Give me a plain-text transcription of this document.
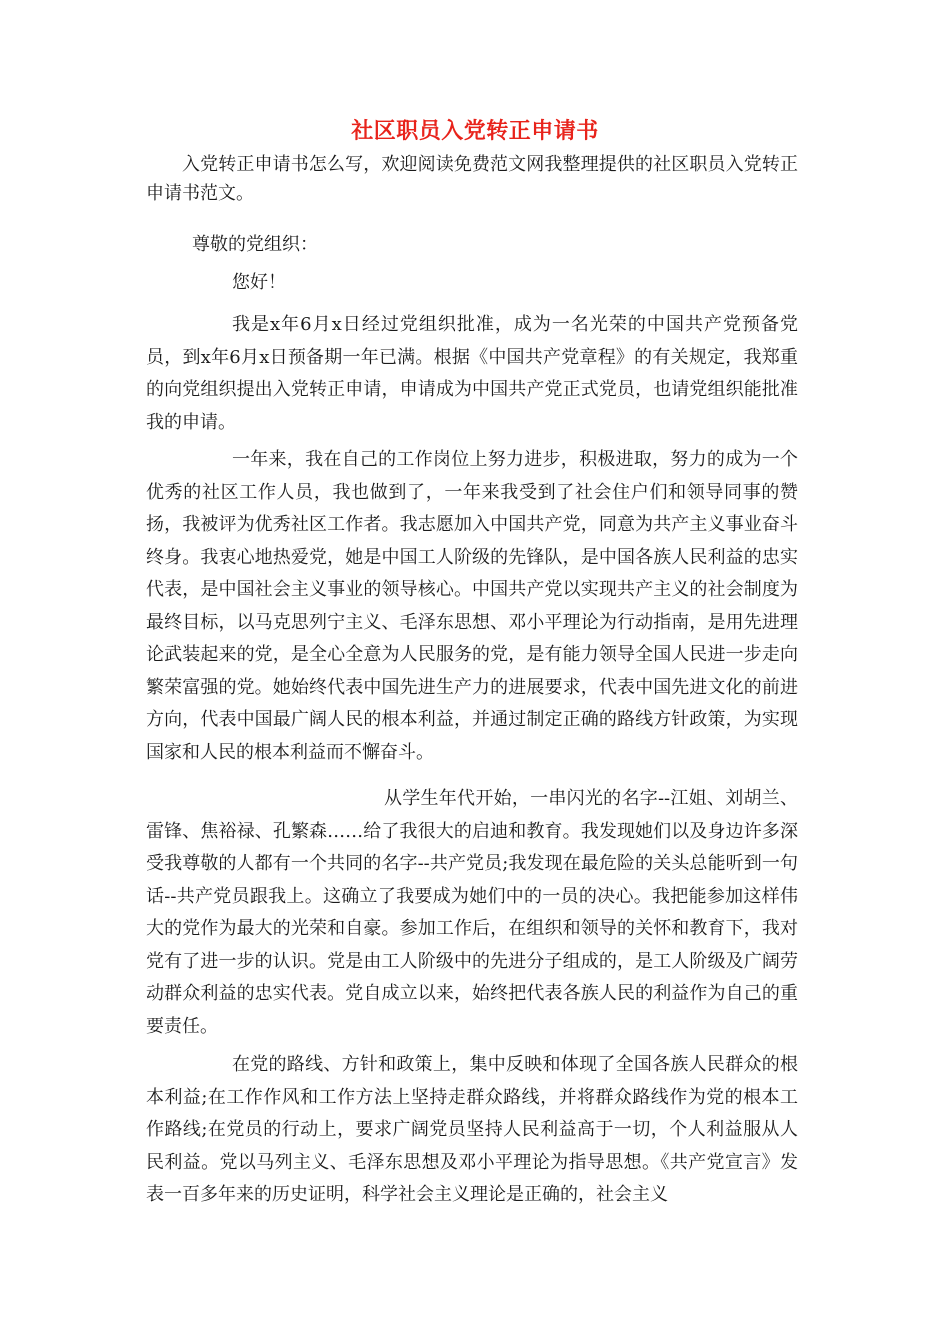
社区职员入党转正申请书
入党转正申请书怎么写，欢迎阅读免费范文网我整理提供的社区职员入党转正申请书范文。
尊敬的党组织：
您好！
我是x年6月x日经过党组织批准，成为一名光荣的中国共产党预备党员，到x年6月x日预备期一年已满。根据《中国共产党章程》的有关规定，我郑重的向党组织提出入党转正申请，申请成为中国共产党正式党员，也请党组织能批准我的申请。
一年来，我在自己的工作岗位上努力进步，积极进取，努力的成为一个优秀的社区工作人员，我也做到了，一年来我受到了社会住户们和领导同事的赞扬，我被评为优秀社区工作者。我志愿加入中国共产党，同意为共产主义事业奋斗终身。我衷心地热爱党，她是中国工人阶级的先锋队，是中国各族人民利益的忠实代表，是中国社会主义事业的领导核心。中国共产党以实现共产主义的社会制度为最终目标，以马克思列宁主义、毛泽东思想、邓小平理论为行动指南，是用先进理论武装起来的党，是全心全意为人民服务的党，是有能力领导全国人民进一步走向繁荣富强的党。她始终代表中国先进生产力的进展要求，代表中国先进文化的前进方向，代表中国最广阔人民的根本利益，并通过制定正确的路线方针政策，为实现国家和人民的根本利益而不懈奋斗。
从学生年代开始，一串闪光的名字--江姐、刘胡兰、雷锋、焦裕禄、孔繁森……给了我很大的启迪和教育。我发现她们以及身边许多深受我尊敬的人都有一个共同的名字--共产党员;我发现在最危险的关头总能听到一句话--共产党员跟我上。这确立了我要成为她们中的一员的决心。我把能参加这样伟大的党作为最大的光荣和自豪。参加工作后，在组织和领导的关怀和教育下，我对党有了进一步的认识。党是由工人阶级中的先进分子组成的，是工人阶级及广阔劳动群众利益的忠实代表。党自成立以来，始终把代表各族人民的利益作为自己的重要责任。
在党的路线、方针和政策上，集中反映和体现了全国各族人民群众的根本利益;在工作作风和工作方法上坚持走群众路线，并将群众路线作为党的根本工作路线;在党员的行动上，要求广阔党员坚持人民利益高于一切，个人利益服从人民利益。党以马列主义、毛泽东思想及邓小平理论为指导思想。《共产党宣言》发表一百多年来的历史证明，科学社会主义理论是正确的，社会主义
